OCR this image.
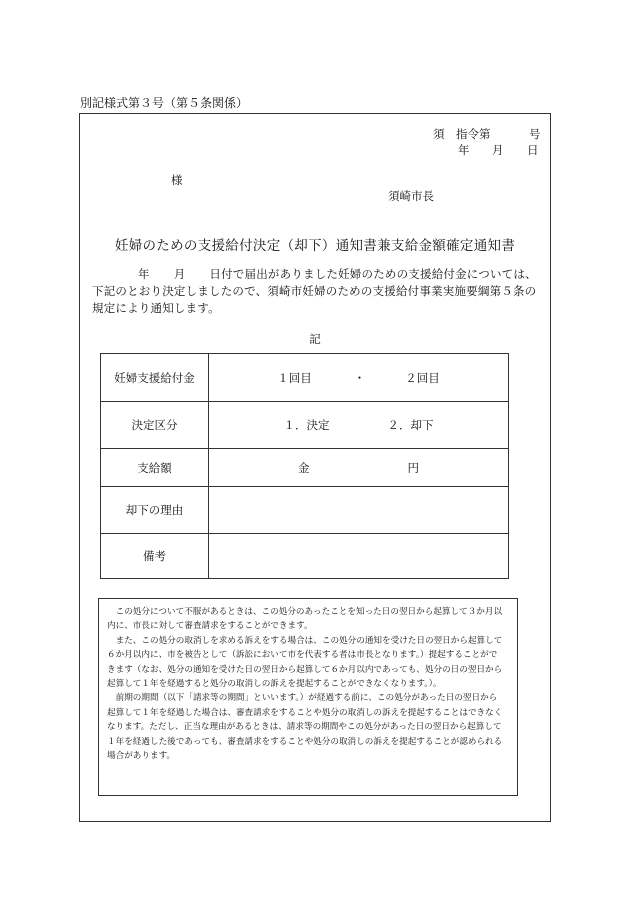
別記様式第３号（第５条関係）
須 指令第	号
年 月 日
様
須崎市長
妊婦のための支援給付決定（却下）通知書兼支給金額確定通知書
年 月 日付で届出がありました妊婦のための支援給付金については、
下記のとおり決定しましたので、須崎市妊婦のための支援給付事業実施要綱第５条の
規定により通知します。
記
妊婦支援給付金	１回目 ・ ２回目
決定区分	１．決定 ２．却下
支給額	金 円
却下の理由	
備考	
　この処分について不服があるときは、この処分のあったことを知った日の翌日から起算して３か月以
内に、市長に対して審査請求をすることができます。
　また、この処分の取消しを求める訴えをする場合は、この処分の通知を受けた日の翌日から起算して
６か月以内に、市を被告として（訴訟において市を代表する者は市長となります。）提起することがで
きます（なお、処分の通知を受けた日の翌日から起算して６か月以内であっても、処分の日の翌日から
起算して１年を経過すると処分の取消しの訴えを提起することができなくなります。）。
　前期の期間（以下「請求等の期間」といいます。）が経過する前に、この処分があった日の翌日から
起算して１年を経過した場合は、審査請求をすることや処分の取消しの訴えを提起することはできなく
なります。ただし、正当な理由があるときは、請求等の期間やこの処分があった日の翌日から起算して
１年を経過した後であっても、審査請求をすることや処分の取消しの訴えを提起することが認められる
場合があります。
